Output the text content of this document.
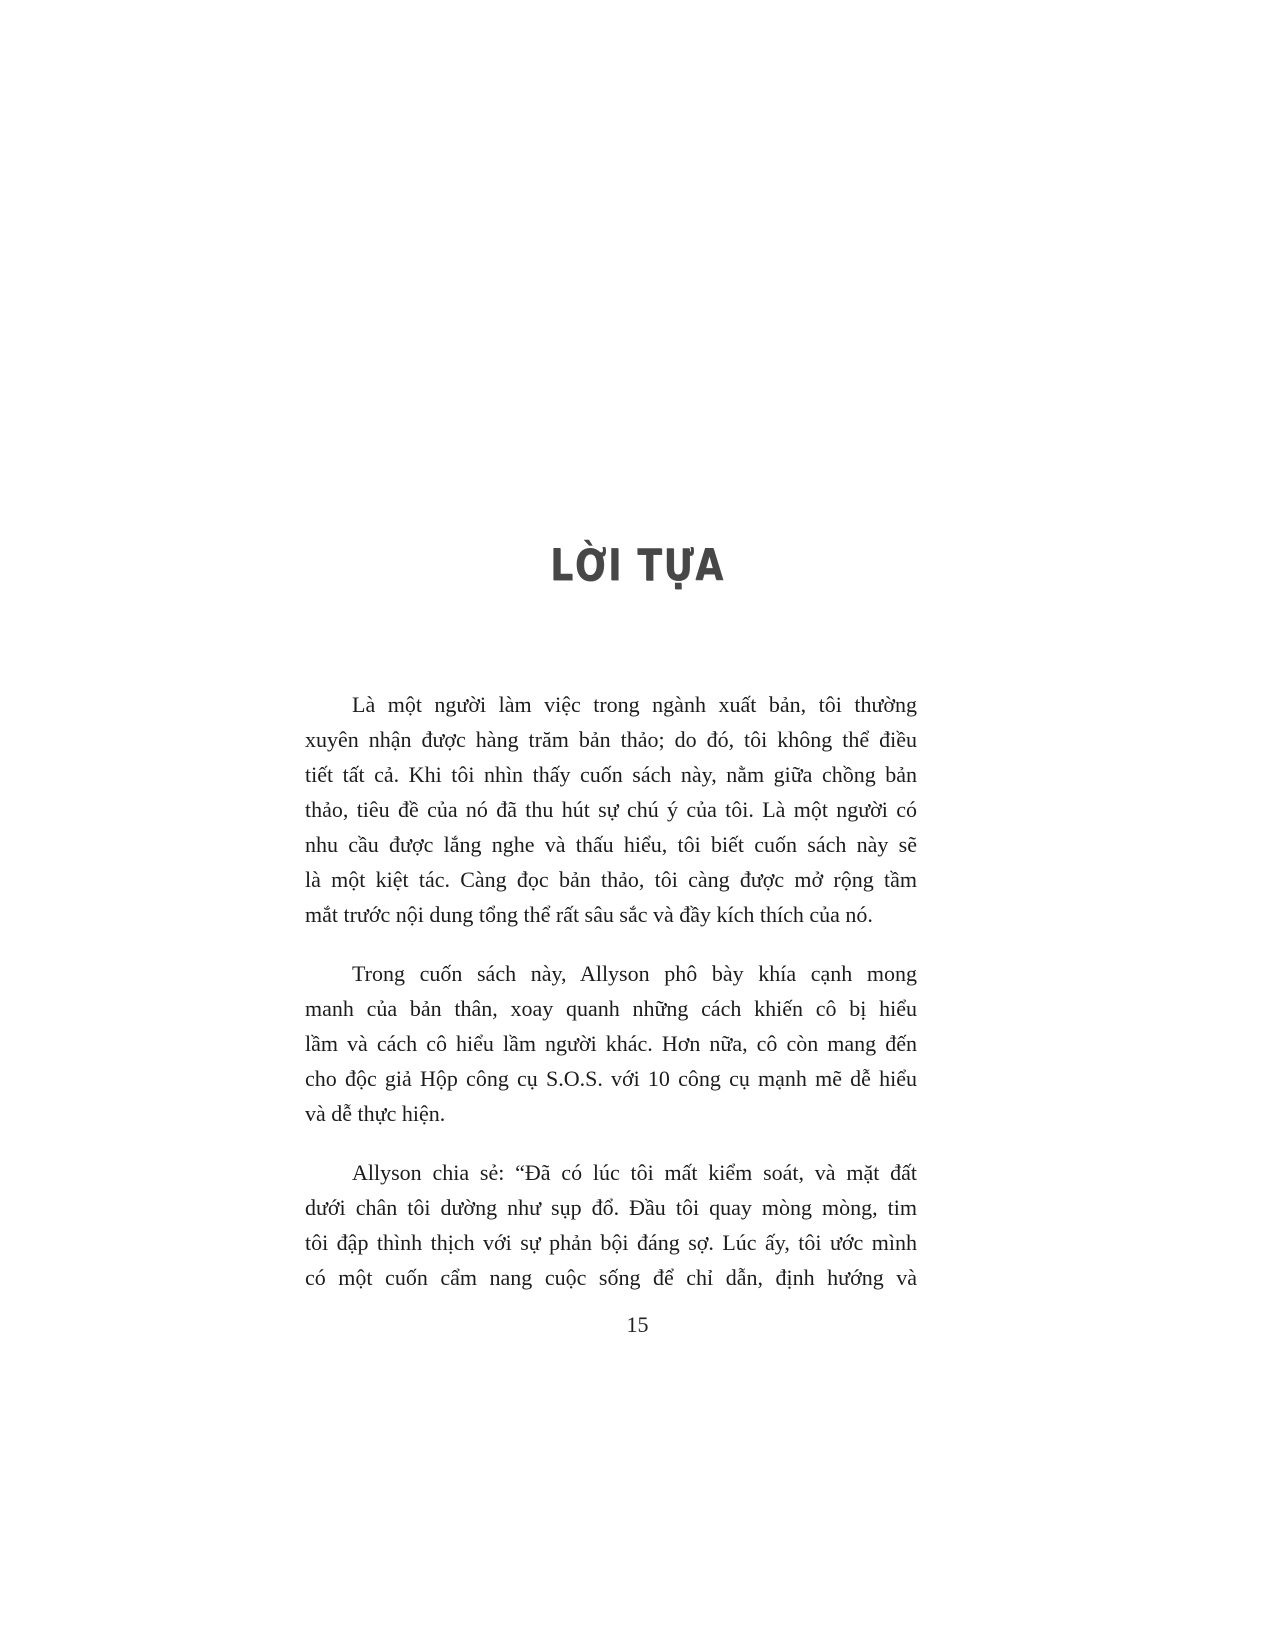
LỜI TỰA
Là một người làm việc trong ngành xuất bản, tôi thường
xuyên nhận được hàng trăm bản thảo; do đó, tôi không thể điều
tiết tất cả. Khi tôi nhìn thấy cuốn sách này, nằm giữa chồng bản
thảo, tiêu đề của nó đã thu hút sự chú ý của tôi. Là một người có
nhu cầu được lắng nghe và thấu hiểu, tôi biết cuốn sách này sẽ
là một kiệt tác. Càng đọc bản thảo, tôi càng được mở rộng tầm
mắt trước nội dung tổng thể rất sâu sắc và đầy kích thích của nó.
Trong cuốn sách này, Allyson phô bày khía cạnh mong
manh của bản thân, xoay quanh những cách khiến cô bị hiểu
lầm và cách cô hiểu lầm người khác. Hơn nữa, cô còn mang đến
cho độc giả Hộp công cụ S.O.S. với 10 công cụ mạnh mẽ dễ hiểu
và dễ thực hiện.
Allyson chia sẻ: “Đã có lúc tôi mất kiểm soát, và mặt đất
dưới chân tôi dường như sụp đổ. Đầu tôi quay mòng mòng, tim
tôi đập thình thịch với sự phản bội đáng sợ. Lúc ấy, tôi ước mình
có một cuốn cẩm nang cuộc sống để chỉ dẫn, định hướng và
15
